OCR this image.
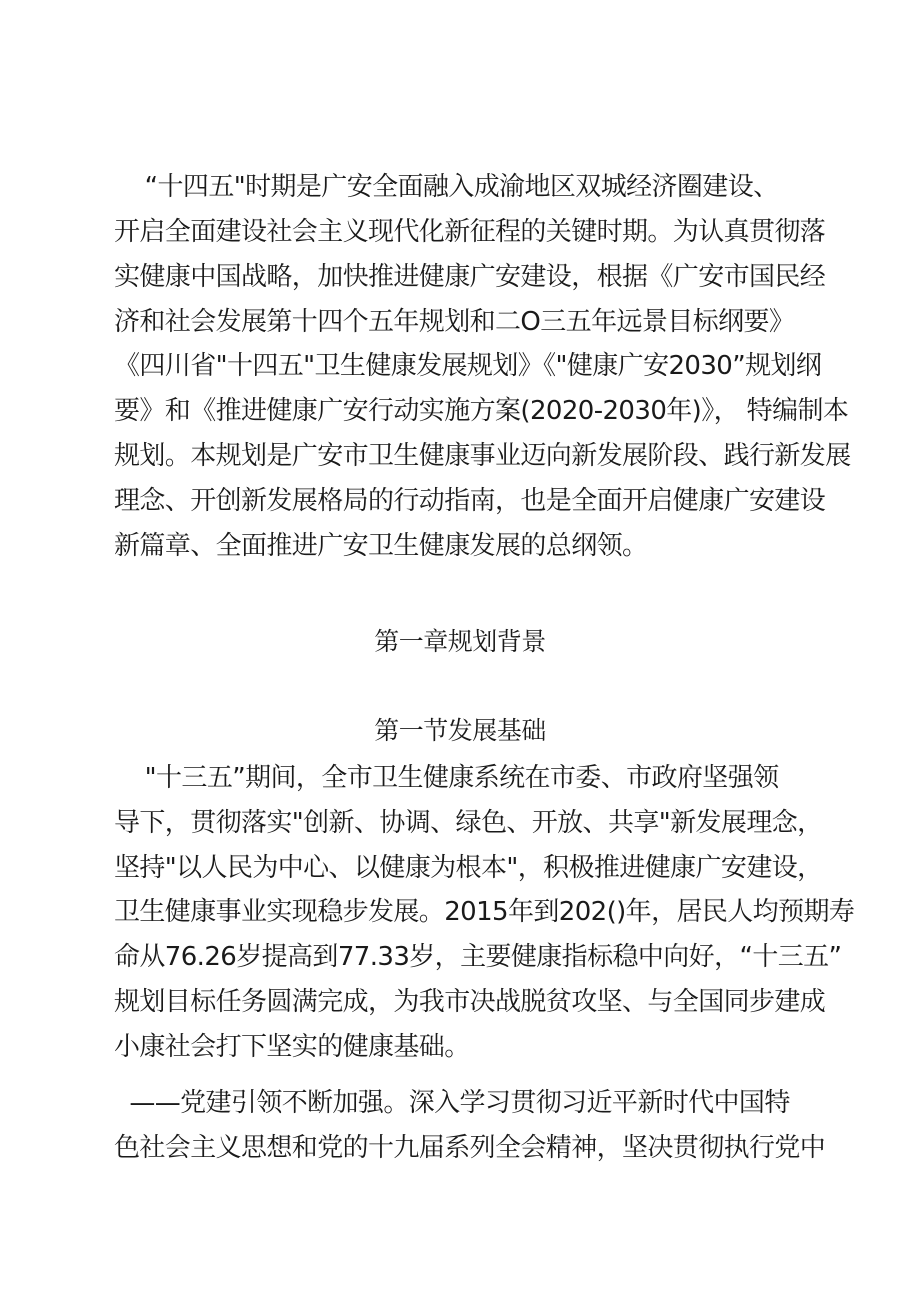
“十四五"时期是广安全面融入成渝地区双城经济圈建设、
开启全面建设社会主义现代化新征程的关键时期。为认真贯彻落
实健康中国战略，加快推进健康广安建设，根据《广安市国民经
济和社会发展第十四个五年规划和二O三五年远景目标纲要》
《四川省"十四五"卫生健康发展规划》《"健康广安2030”规划纲
要》和《推进健康广安行动实施方案(2020-2030年)》， 特编制本
规划。本规划是广安市卫生健康事业迈向新发展阶段、践行新发展
理念、开创新发展格局的行动指南，也是全面开启健康广安建设
新篇章、全面推进广安卫生健康发展的总纲领。
第一章规划背景
第一节发展基础
"十三五”期间，全市卫生健康系统在市委、市政府坚强领
导下，贯彻落实"创新、协调、绿色、开放、共享"新发展理念，
坚持"以人民为中心、以健康为根本"，积极推进健康广安建设，
卫生健康事业实现稳步发展。2015年到202()年，居民人均预期寿
命从76.26岁提高到77.33岁，主要健康指标稳中向好，“十三五”
规划目标任务圆满完成，为我市决战脱贫攻坚、与全国同步建成
小康社会打下坚实的健康基础。
——党建引领不断加强。深入学习贯彻习近平新时代中国特
色社会主义思想和党的十九届系列全会精神，坚决贯彻执行党中
